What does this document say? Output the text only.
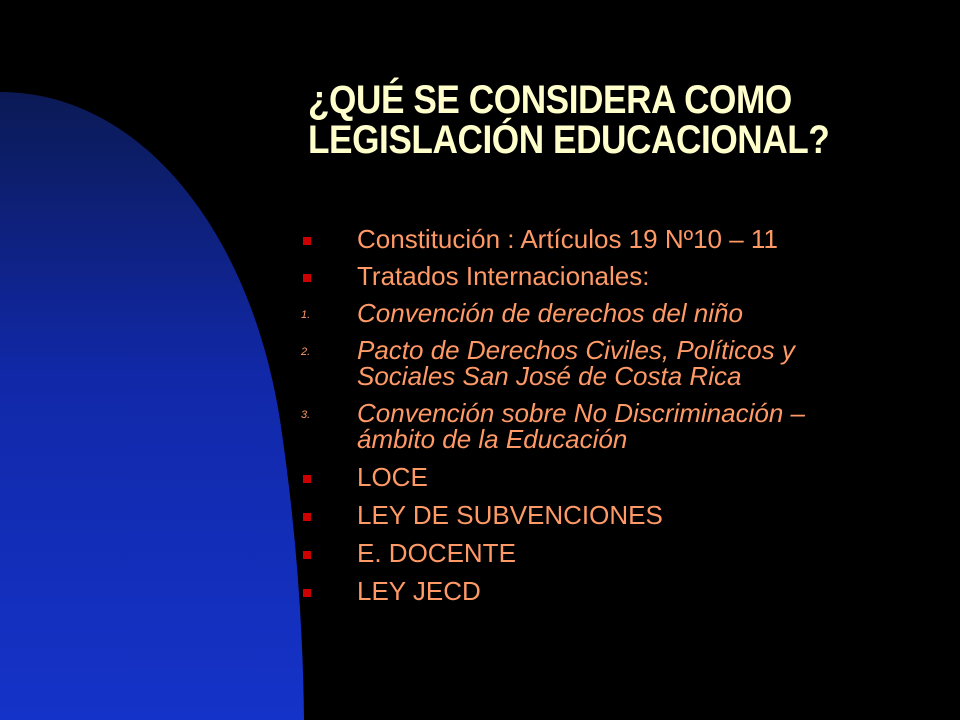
¿QUÉ SE CONSIDERA COMO
LEGISLACIÓN EDUCACIONAL?
Constitución : Artículos 19 Nº10 – 11
Tratados Internacionales:
1. Convención de derechos del niño
2. Pacto de Derechos Civiles, Políticos y
Sociales San José de Costa Rica
3. Convención sobre No Discriminación –
ámbito de la Educación
LOCE
LEY DE SUBVENCIONES
E. DOCENTE
LEY JECD
